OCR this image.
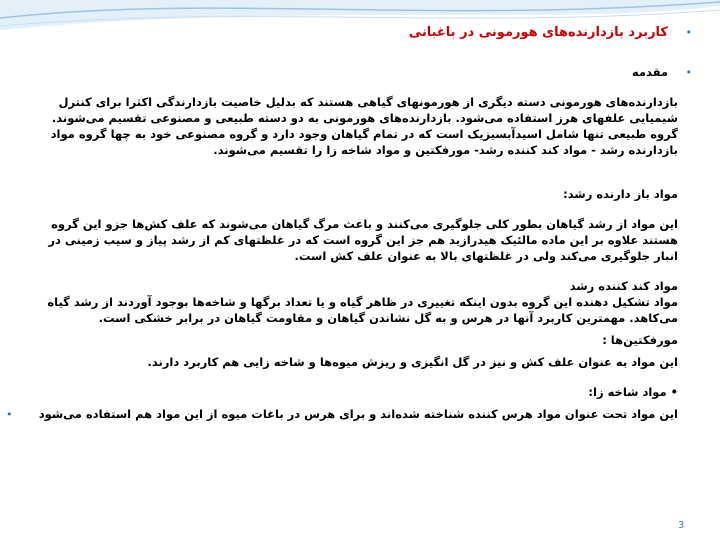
•

کاربرد بازدارنده‌های هورمونی در باغبانی

•

مقدمه

بازدارنده‌های هورمونی دسته دیگری از هورمونهای گیاهی هستند که بدلیل خاصیت بازدارندگی اکثرا برای کنترل شیمیایی علفهای هرز استفاده می‌شود. بازدارنده‌های هورمونی به دو دسته طبیعی و مصنوعی تقسیم می‌شوند. گروه طبیعی تنها شامل اسیدآبسیزیک است که در تمام گیاهان وجود دارد و گروه مصنوعی خود به چها گروه مواد بازدارنده رشد - مواد کند کننده رشد- مورفکتین و مواد شاخه زا را تقسیم می‌شوند.

مواد باز دارنده رشد:

این مواد از رشد گیاهان بطور کلی جلوگیری می‌کنند و باعث مرگ گیاهان می‌شوند که علف کش‌ها جزو این گروه هستند علاوه بر این ماده مالئیک هیدرازید هم جز این گروه است که در غلظتهای کم از رشد پیاز و سیب زمینی در انبار جلوگیری می‌کند ولی در غلظتهای بالا به عنوان علف کش است.

مواد کند کننده رشد

مواد تشکیل دهنده این گروه بدون اینکه تغییری در ظاهر گیاه و یا تعداد برگها و شاخه‌ها بوجود آوردند از رشد گیاه می‌کاهد. مهمترین کاربرد آنها در هرس و به گل نشاندن گیاهان و مقاومت گیاهان در برابر خشکی است.

مورفکتین‌ها :

این مواد به عنوان علف کش و نیز در گل انگیزی و ریزش میوه‌ها و شاخه زایی هم کاربرد دارند.

• مواد شاخه زا:

•	این مواد تحت عنوان مواد هرس کننده شناخته شده‌اند و برای هرس در باغات میوه از این مواد هم استفاده می‌شود

3
